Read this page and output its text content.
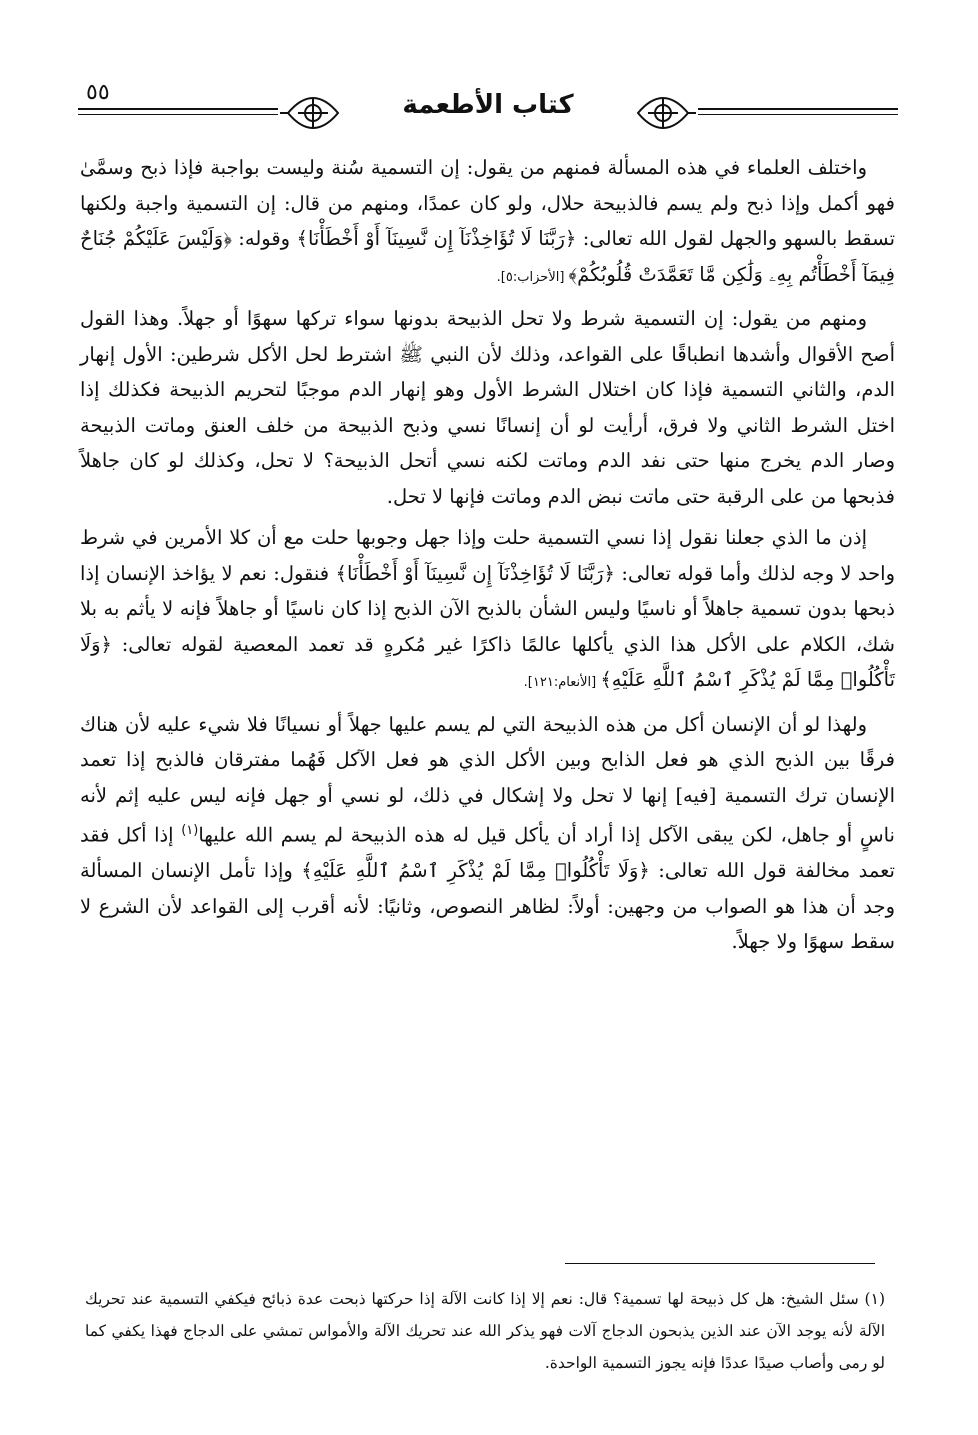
٥٥	كتاب الأطعمة

واختلف العلماء في هذه المسألة فمنهم من يقول: إن التسمية سُنة وليست بواجبة فإذا ذبح وسمَّىٰ فهو أكمل وإذا ذبح ولم يسم فالذبيحة حلال، ولو كان عمدًا، ومنهم من قال: إن التسمية واجبة ولكنها تسقط بالسهو والجهل لقول الله تعالى: ﴿رَبَّنَا لَا تُؤَاخِذْنَآ إِن نَّسِينَآ أَوْ أَخْطَأْنَا﴾ وقوله: ﴿وَلَيْسَ عَلَيْكُمْ جُنَاحٌ فِيمَآ أَخْطَأْتُم بِهِۦ وَلَٰكِن مَّا تَعَمَّدَتْ قُلُوبُكُمْ﴾ [الأحزاب:٥].

ومنهم من يقول: إن التسمية شرط ولا تحل الذبيحة بدونها سواء تركها سهوًا أو جهلاً. وهذا القول أصح الأقوال وأشدها انطباقًا على القواعد، وذلك لأن النبي ﷺ اشترط لحل الأكل شرطين: الأول إنهار الدم، والثاني التسمية فإذا كان اختلال الشرط الأول وهو إنهار الدم موجبًا لتحريم الذبيحة فكذلك إذا اختل الشرط الثاني ولا فرق، أرأيت لو أن إنسانًا نسي وذبح الذبيحة من خلف العنق وماتت الذبيحة وصار الدم يخرج منها حتى نفد الدم وماتت لكنه نسي أتحل الذبيحة؟ لا تحل، وكذلك لو كان جاهلاً فذبحها من على الرقبة حتى ماتت نبض الدم وماتت فإنها لا تحل.

إذن ما الذي جعلنا نقول إذا نسي التسمية حلت وإذا جهل وجوبها حلت مع أن كلا الأمرين في شرط واحد لا وجه لذلك وأما قوله تعالى: ﴿رَبَّنَا لَا تُؤَاخِذْنَآ إِن نَّسِينَآ أَوْ أَخْطَأْنَا﴾ فنقول: نعم لا يؤاخذ الإنسان إذا ذبحها بدون تسمية جاهلاً أو ناسيًا وليس الشأن بالذبح الآن الذبح إذا كان ناسيًا أو جاهلاً فإنه لا يأثم به بلا شك، الكلام على الأكل هذا الذي يأكلها عالمًا ذاكرًا غير مُكرهٍ قد تعمد المعصية لقوله تعالى: ﴿وَلَا تَأْكُلُوا۟ مِمَّا لَمْ يُذْكَرِ ٱسْمُ ٱللَّهِ عَلَيْهِ﴾ [الأنعام:١٢١].

ولهذا لو أن الإنسان أكل من هذه الذبيحة التي لم يسم عليها جهلاً أو نسيانًا فلا شيء عليه لأن هناك فرقًا بين الذبح الذي هو فعل الذابح وبين الأكل الذي هو فعل الآكل فَهُما مفترقان فالذبح إذا تعمد الإنسان ترك التسمية [فيه] إنها لا تحل ولا إشكال في ذلك، لو نسي أو جهل فإنه ليس عليه إثم لأنه ناسٍ أو جاهل، لكن يبقى الآكل إذا أراد أن يأكل قيل له هذه الذبيحة لم يسم الله عليها$^{(١)}$ إذا أكل فقد تعمد مخالفة قول الله تعالى: ﴿وَلَا تَأْكُلُوا۟ مِمَّا لَمْ يُذْكَرِ ٱسْمُ ٱللَّهِ عَلَيْهِ﴾ وإذا تأمل الإنسان المسألة وجد أن هذا هو الصواب من وجهين: أولاً: لظاهر النصوص، وثانيًا: لأنه أقرب إلى القواعد لأن الشرع لا سقط سهوًا ولا جهلاً.

(١) سئل الشيخ: هل كل ذبيحة لها تسمية؟ قال: نعم إلا إذا كانت الآلة إذا حركتها ذبحت عدة ذبائح فيكفي التسمية عند تحريك الآلة لأنه يوجد الآن عند الذين يذبحون الدجاج آلات فهو يذكر الله عند تحريك الآلة والأمواس تمشي على الدجاج فهذا يكفي كما لو رمى وأصاب صيدًا عددًا فإنه يجوز التسمية الواحدة.
